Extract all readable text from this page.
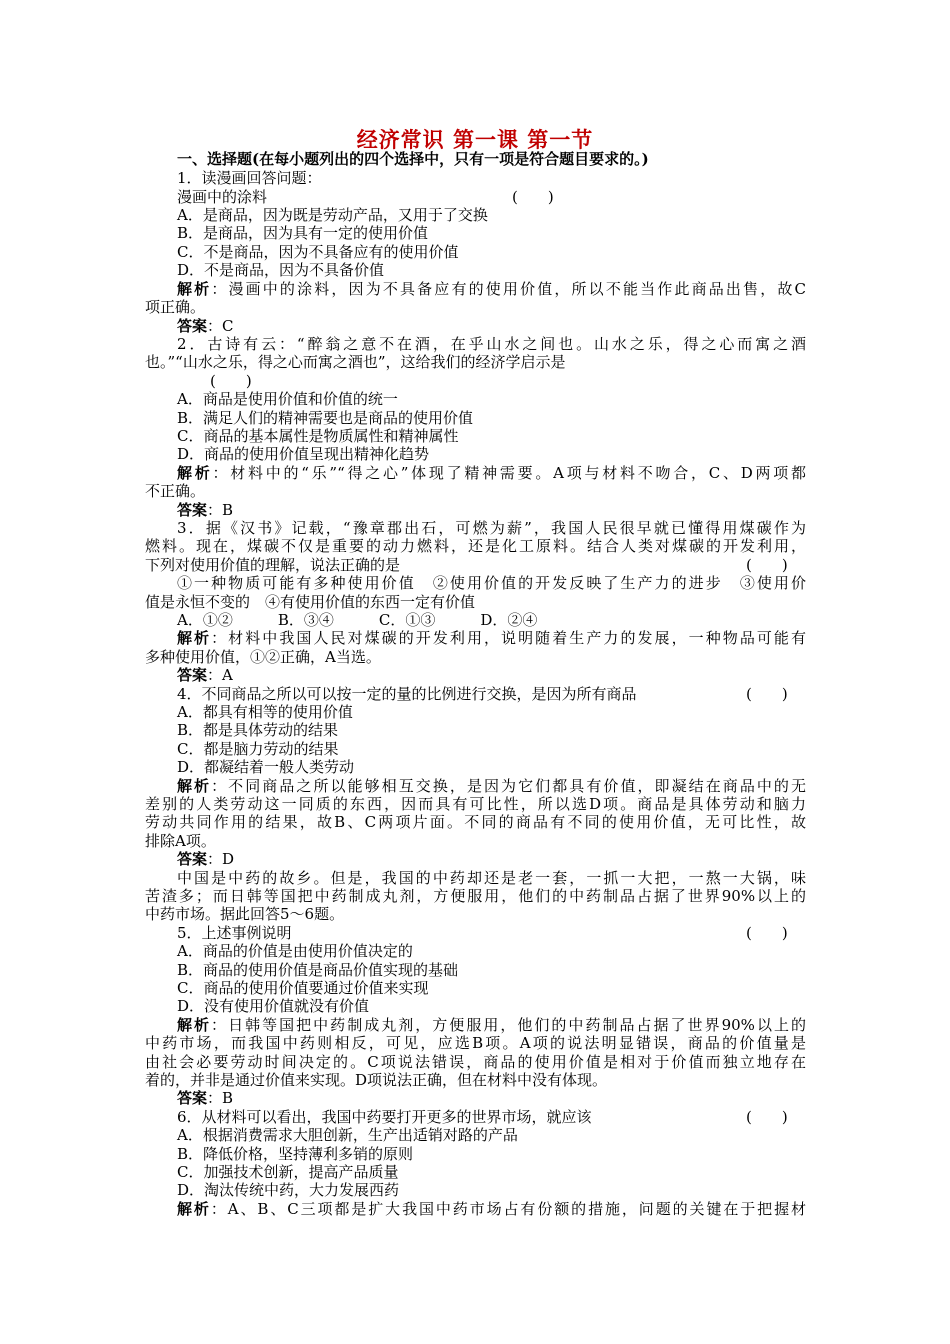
经济常识 第一课 第一节
一、选择题(在每小题列出的四个选择中，只有一项是符合题目要求的。)
1．读漫画回答问题：
漫画中的涂料	(　　)
A．是商品，因为既是劳动产品，又用于了交换
B．是商品，因为具有一定的使用价值
C．不是商品，因为不具备应有的使用价值
D．不是商品，因为不具备价值
解析：漫画中的涂料，因为不具备应有的使用价值，所以不能当作此商品出售，故C
项正确。
答案：C
2．古诗有云：“醉翁之意不在酒，在乎山水之间也。山水之乐，得之心而寓之酒
也。”“山水之乐，得之心而寓之酒也”，这给我们的经济学启示是
(　　)
A．商品是使用价值和价值的统一
B．满足人们的精神需要也是商品的使用价值
C．商品的基本属性是物质属性和精神属性
D．商品的使用价值呈现出精神化趋势
解析：材料中的“乐”“得之心”体现了精神需要。A项与材料不吻合，C、D两项都
不正确。
答案：B
3．据《汉书》记载，“豫章郡出石，可燃为薪”，我国人民很早就已懂得用煤碳作为
燃料。现在，煤碳不仅是重要的动力燃料，还是化工原料。结合人类对煤碳的开发利用，
下列对使用价值的理解，说法正确的是	(　　)
①一种物质可能有多种使用价值　②使用价值的开发反映了生产力的进步　③使用价
值是永恒不变的　④有使用价值的东西一定有价值
A．①②　　　B．③④　　　C．①③　　　D．②④
解析：材料中我国人民对煤碳的开发利用，说明随着生产力的发展，一种物品可能有
多种使用价值，①②正确，A当选。
答案：A
4．不同商品之所以可以按一定的量的比例进行交换，是因为所有商品	(　　)
A．都具有相等的使用价值
B．都是具体劳动的结果
C．都是脑力劳动的结果
D．都凝结着一般人类劳动
解析：不同商品之所以能够相互交换，是因为它们都具有价值，即凝结在商品中的无
差别的人类劳动这一同质的东西，因而具有可比性，所以选D项。商品是具体劳动和脑力
劳动共同作用的结果，故B、C两项片面。不同的商品有不同的使用价值，无可比性，故
排除A项。
答案：D
中国是中药的故乡。但是，我国的中药却还是老一套，一抓一大把，一熬一大锅，味
苦渣多；而日韩等国把中药制成丸剂，方便服用，他们的中药制品占据了世界90%以上的
中药市场。据此回答5～6题。
5．上述事例说明	(　　)
A．商品的价值是由使用价值决定的
B．商品的使用价值是商品价值实现的基础
C．商品的使用价值要通过价值来实现
D．没有使用价值就没有价值
解析：日韩等国把中药制成丸剂，方便服用，他们的中药制品占据了世界90%以上的
中药市场，而我国中药则相反，可见，应选B项。A项的说法明显错误，商品的价值量是
由社会必要劳动时间决定的。C项说法错误，商品的使用价值是相对于价值而独立地存在
着的，并非是通过价值来实现。D项说法正确，但在材料中没有体现。
答案：B
6．从材料可以看出，我国中药要打开更多的世界市场，就应该	(　　)
A．根据消费需求大胆创新，生产出适销对路的产品
B．降低价格，坚持薄利多销的原则
C．加强技术创新，提高产品质量
D．淘汰传统中药，大力发展西药
解析：A、B、C三项都是扩大我国中药市场占有份额的措施，问题的关键在于把握材
